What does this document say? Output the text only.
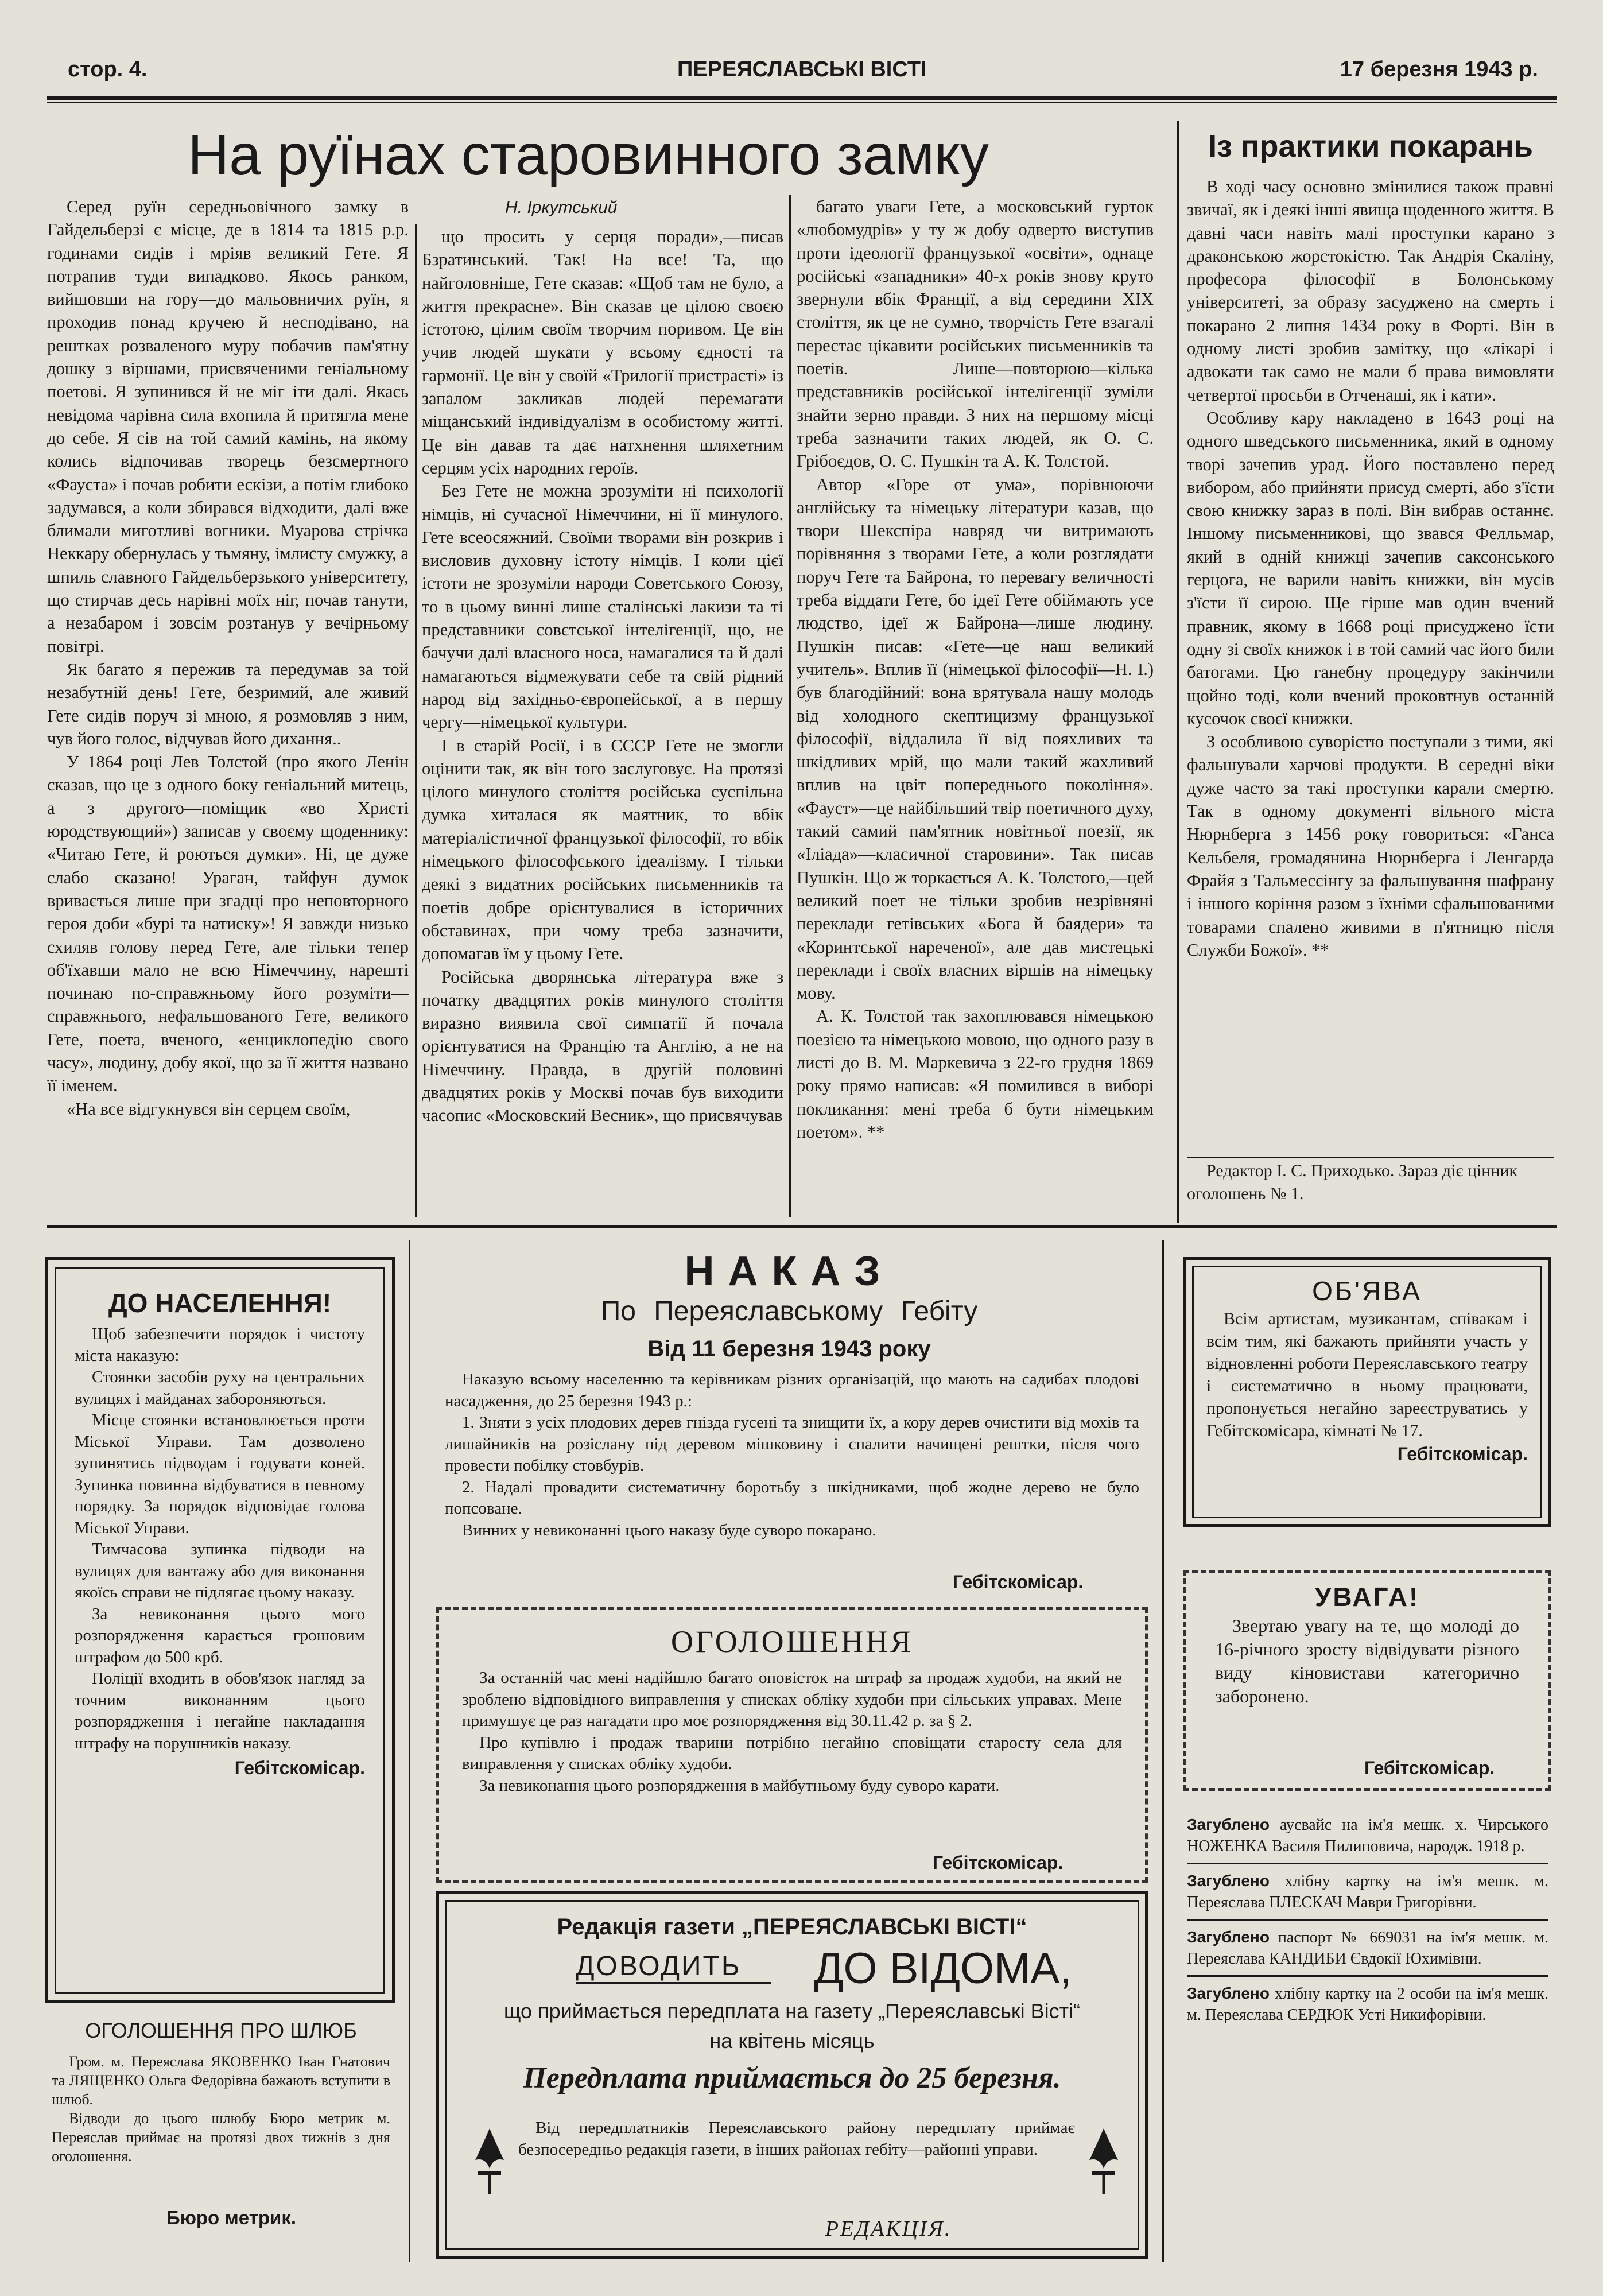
стор. 4.	ПЕРЕЯСЛАВСЬКІ ВІСТІ	17 березня 1943 р.
На руїнах старовинного замку
Н. Іркутський

Серед руїн середньовічного замку в Гайдельберзі є місце, де в 1814 та 1815 р.р. годинами сидів і мріяв великий Гете. Я потрапив туди випадково. Якось ранком, вийшовши на гору—до мальовничих руїн, я проходив понад кручею й несподівано, на рештках розваленого муру побачив пам'ятну дошку з віршами, присвяченими геніальному поетові. Я зупинився й не міг іти далі. Якась невідома чарівна сила вхопила й притягла мене до себе. Я сів на той самий камінь, на якому колись відпочивав творець безсмертного «Фауста» і почав робити ескізи, а потім глибоко задумався, а коли збирався відходити, далі вже блимали миготливі вогники. Муарова стрічка Неккару обернулась у тьмяну, імлисту смужку, а шпиль славного Гайдельберзького університету, що стирчав десь нарівні моїх ніг, почав танути, а незабаром і зовсім розтанув у вечірньому повітрі.

Як багато я пережив та передумав за той незабутній день! Гете, безримий, але живий Гете сидів поруч зі мною, я розмовляв з ним, чув його голос, відчував його дихання..

У 1864 році Лев Толстой (про якого Ленін сказав, що це з одного боку геніальний митець, а з другого—поміщик «во Христі юродствующий») записав у своєму щоденнику: «Читаю Гете, й роються думки». Ні, це дуже слабо сказано! Ураган, тайфун думок вривається лише при згадці про неповторного героя доби «бурі та натиску»! Я завжди низько схиляв голову перед Гете, але тільки тепер об'їхавши мало не всю Німеччину, нарешті починаю по-справжньому його розуміти—справжнього, нефальшованого Гете, великого Гете, поета, вченого, «енциклопедію свого часу», людину, добу якої, що за її життя названо її іменем.

«На все відгукнувся він серцем своїм,

що просить у серця поради»,—писав Бзратинський. Так! На все! Та, що найголовніше, Гете сказав: «Щоб там не було, а життя прекрасне». Він сказав це цілою своєю істотою, цілим своїм творчим поривом. Це він учив людей шукати у всьому єдності та гармонії. Це він у своїй «Трилогії пристрасті» із запалом закликав людей перемагати міщанський індивідуалізм в особистому житті. Це він давав та дає натхнення шляхетним серцям усіх народних героїв.

Без Гете не можна зрозуміти ні психології німців, ні сучасної Німеччини, ні її минулого. Гете всеосяжний. Своїми творами він розкрив і висловив духовну істоту німців. І коли цієї істоти не зрозуміли народи Советського Союзу, то в цьому винні лише сталінські лакизи та ті представники совєтської інтелігенції, що, не бачучи далі власного носа, намагалися та й далі намагаються відмежувати себе та свій рідний народ від західньо-європейської, а в першу чергу—німецької культури.

І в старій Росії, і в СССР Гете не змогли оцінити так, як він того заслуговує. На протязі цілого минулого століття російська суспільна думка хиталася як маятник, то вбік матеріалістичної французької філософії, то вбік німецького філософського ідеалізму. І тільки деякі з видатних російських письменників та поетів добре орієнтувалися в історичних обставинах, при чому треба зазначити, допомагав їм у цьому Гете.

Російська дворянська література вже з початку двадцятих років минулого століття виразно виявила свої симпатії й почала орієнтуватися на Францію та Англію, а не на Німеччину. Правда, в другій половині двадцятих років у Москві почав був виходити часопис «Московский Весник», що присвячував

багато уваги Гете, а московський гурток «любомудрів» у ту ж добу одверто виступив проти ідеології французької «освіти», однаце російські «западники» 40-х років знову круто звернули вбік Франції, а від середини XIX століття, як це не сумно, творчість Гете взагалі перестає цікавити російських письменників та поетів. Лише—повторюю—кілька представників російської інтелігенції зуміли знайти зерно правди. З них на першому місці треба зазначити таких людей, як О. С. Грібоєдов, О. С. Пушкін та А. К. Толстой.

Автор «Горе от ума», порівнюючи англійську та німецьку літератури казав, що твори Шекспіра навряд чи витримають порівняння з творами Гете, а коли розглядати поруч Гете та Байрона, то перевагу величності треба віддати Гете, бо ідеї Гете обіймають усе людство, ідеї ж Байрона—лише людину. Пушкін писав: «Гете—це наш великий учитель». Вплив її (німецької філософії—Н. І.) був благодійний: вона врятувала нашу молодь від холодного скептицизму французької філософії, віддалила її від пояхливих та шкідливих мрій, що мали такий жахливий вплив на цвіт попереднього покоління». «Фауст»—це найбільший твір поетичного духу, такий самий пам'ятник новітньої поезії, як «Іліада»—класичної старовини». Так писав Пушкін. Що ж торкається А. К. Толстого,—цей великий поет не тільки зробив незрівняні переклади гетівських «Бога й баядери» та «Коринтської нареченої», але дав мистецькі переклади і своїх власних віршів на німецьку мову.

А. К. Толстой так захоплювався німецькою поезією та німецькою мовою, що одного разу в листі до В. М. Маркевича з 22-го грудня 1869 року прямо написав: «Я помилився в виборі покликання: мені треба б бути німецьким поетом». **

Із практики покарань

В ході часу основно змінилися також правні звичаї, як і деякі інші явища щоденного життя. В давні часи навіть малі проступки карано з драконською жорстокістю. Так Андрія Скаліну, професора філософії в Болонському університеті, за образу засуджено на смерть і покарано 2 липня 1434 року в Форті. Він в одному листі зробив замітку, що «лікарі і адвокати так само не мали б права вимовляти четвертої просьби в Отченаші, як і кати».

Особливу кару накладено в 1643 році на одного шведського письменника, який в одному творі зачепив урад. Його поставлено перед вибором, або прийняти присуд смерті, або з'їсти свою книжку зараз в полі. Він вибрав останнє. Іншому письменникові, що звався Фелльмар, який в одній книжці зачепив саксонського герцога, не варили навіть книжки, він мусів з'їсти її сирою. Ще гірше мав один вчений правник, якому в 1668 році присуджено їсти одну зі своїх книжок і в той самий час його били батогами. Цю ганебну процедуру закінчили щойно тоді, коли вчений проковтнув останній кусочок своєї книжки.

З особливою суворістю поступали з тими, які фальшували харчові продукти. В середні віки дуже часто за такі проступки карали смертю. Так в одному документі вільного міста Нюрнберга з 1456 року говориться: «Ганса Кельбеля, громадянина Нюрнберга і Ленгарда Фрайя з Тальмессінгу за фальшування шафрану і іншого коріння разом з їхніми сфальшованими товарами спалено живими в п'ятницю після Служби Божої». **

Редактор І. С. Приходько. Зараз діє цінник оголошень № 1.
ДО НАСЕЛЕННЯ!

Щоб забезпечити порядок і чистоту міста наказую:

Стоянки засобів руху на центральних вулицях і майданах забороняються.

Місце стоянки встановлюється проти Міської Управи. Там дозволено зупинятись підводам і годувати коней. Зупинка повинна відбуватися в певному порядку. За порядок відповідає голова Міської Управи.

Тимчасова зупинка підводи на вулицях для вантажу або для виконання якоїсь справи не підлягає цьому наказу.

За невиконання цього мого розпорядження карається грошовим штрафом до 500 крб.

Поліції входить в обов'язок нагляд за точним виконанням цього розпорядження і негайне накладання штрафу на порушників наказу.

Гебітскомісар.
ОГОЛОШЕННЯ ПРО ШЛЮБ

Гром. м. Переяслава ЯКОВЕНКО Іван Гнатович та ЛЯЩЕНКО Ольга Федорівна бажають вступити в шлюб.

Відводи до цього шлюбу Бюро метрик м. Переяслав приймає на протязі двох тижнів з дня оголошення.

Бюро метрик.
НАКАЗ
По Переяславському Гебіту
Від 11 березня 1943 року

Наказую всьому населенню та керівникам різних організацій, що мають на садибах плодові насадження, до 25 березня 1943 р.:

1. Зняти з усіх плодових дерев гнізда гусені та знищити їх, а кору дерев очистити від мохів та лишайників на розіслану під деревом мішковину і спалити начищені рештки, після чого провести побілку стовбурів.

2. Надалі провадити систематичну боротьбу з шкідниками, щоб жодне дерево не було попсоване.

Винних у невиконанні цього наказу буде суворо покарано.

Гебітскомісар.
ОГОЛОШЕННЯ

За останній час мені надійшло багато оповісток на штраф за продаж худоби, на який не зроблено відповідного виправлення у списках обліку худоби при сільських управах. Мене примушує це раз нагадати про моє розпорядження від 30.11.42 р. за § 2.

Про купівлю і продаж тварини потрібно негайно сповіщати старосту села для виправлення у списках обліку худоби.

За невиконання цього розпорядження в майбутньому буду суворо карати.

Гебітскомісар.
Редакція газети „ПЕРЕЯСЛАВСЬКІ ВІСТІ“
ДОВОДИТЬ	ДО ВІДОМА,
що приймається передплата на газету „Переяславські Вісті“
на квітень місяць
Передплата приймається до 25 березня.

Від передплатників Переяславського району передплату приймає безпосередньо редакція газети, в інших районах гебіту—районні управи.

РЕДАКЦІЯ.
ОБ'ЯВА

Всім артистам, музикантам, співакам і всім тим, які бажають прийняти участь у відновленні роботи Переяславського театру і систематично в ньому працювати, пропонується негайно зареєструватись у Гебітскомісара, кімнаті № 17.

Гебітскомісар.
УВАГА!

Звертаю увагу на те, що молоді до 16-річного зросту відвідувати різного виду кіновистави категорично заборонено.

Гебітскомісар.
Загублено аусвайс на ім'я мешк. х. Чирського НОЖЕНКА Василя Пилиповича, народж. 1918 р.
Загублено хлібну картку на ім'я мешк. м. Переяслава ПЛЕСКАЧ Маври Григорівни.
Загублено паспорт № 669031 на ім'я мешк. м. Переяслава КАНДИБИ Євдокії Юхимівни.
Загублено хлібну картку на 2 особи на ім'я мешк. м. Переяслава СЕРДЮК Усті Никифорівни.
